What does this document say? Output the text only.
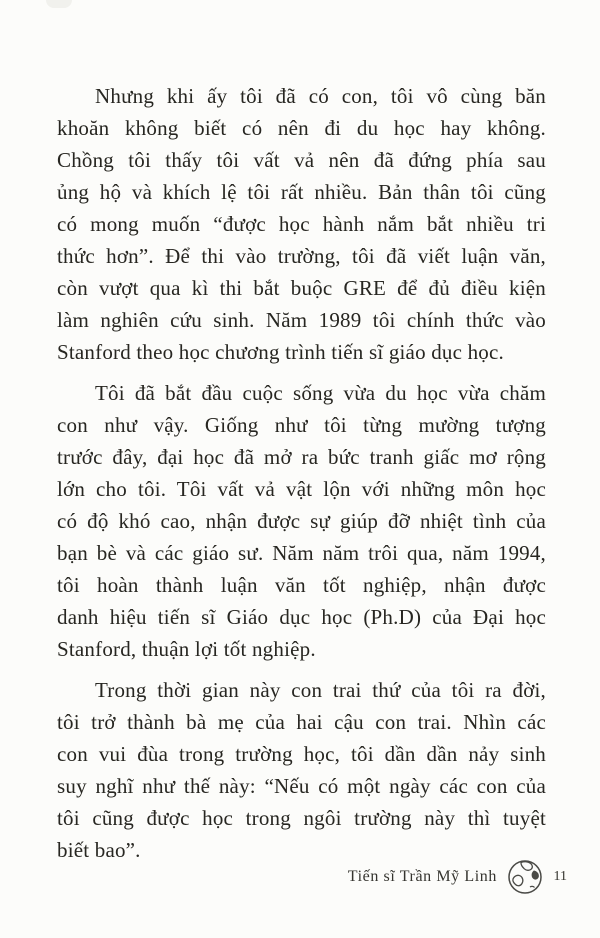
Nhưng khi ấy tôi đã có con, tôi vô cùng băn
khoăn không biết có nên đi du học hay không.
Chồng tôi thấy tôi vất vả nên đã đứng phía sau
ủng hộ và khích lệ tôi rất nhiều. Bản thân tôi cũng
có mong muốn “được học hành nắm bắt nhiều tri
thức hơn”. Để thi vào trường, tôi đã viết luận văn,
còn vượt qua kì thi bắt buộc GRE để đủ điều kiện
làm nghiên cứu sinh. Năm 1989 tôi chính thức vào
Stanford theo học chương trình tiến sĩ giáo dục học.

Tôi đã bắt đầu cuộc sống vừa du học vừa chăm
con như vậy. Giống như tôi từng mường tượng
trước đây, đại học đã mở ra bức tranh giấc mơ rộng
lớn cho tôi. Tôi vất vả vật lộn với những môn học
có độ khó cao, nhận được sự giúp đỡ nhiệt tình của
bạn bè và các giáo sư. Năm năm trôi qua, năm 1994,
tôi hoàn thành luận văn tốt nghiệp, nhận được
danh hiệu tiến sĩ Giáo dục học (Ph.D) của Đại học
Stanford, thuận lợi tốt nghiệp.

Trong thời gian này con trai thứ của tôi ra đời,
tôi trở thành bà mẹ của hai cậu con trai. Nhìn các
con vui đùa trong trường học, tôi dần dần nảy sinh
suy nghĩ như thế này: “Nếu có một ngày các con của
tôi cũng được học trong ngôi trường này thì tuyệt
biết bao”.

Tiến sĩ Trần Mỹ Linh	11
